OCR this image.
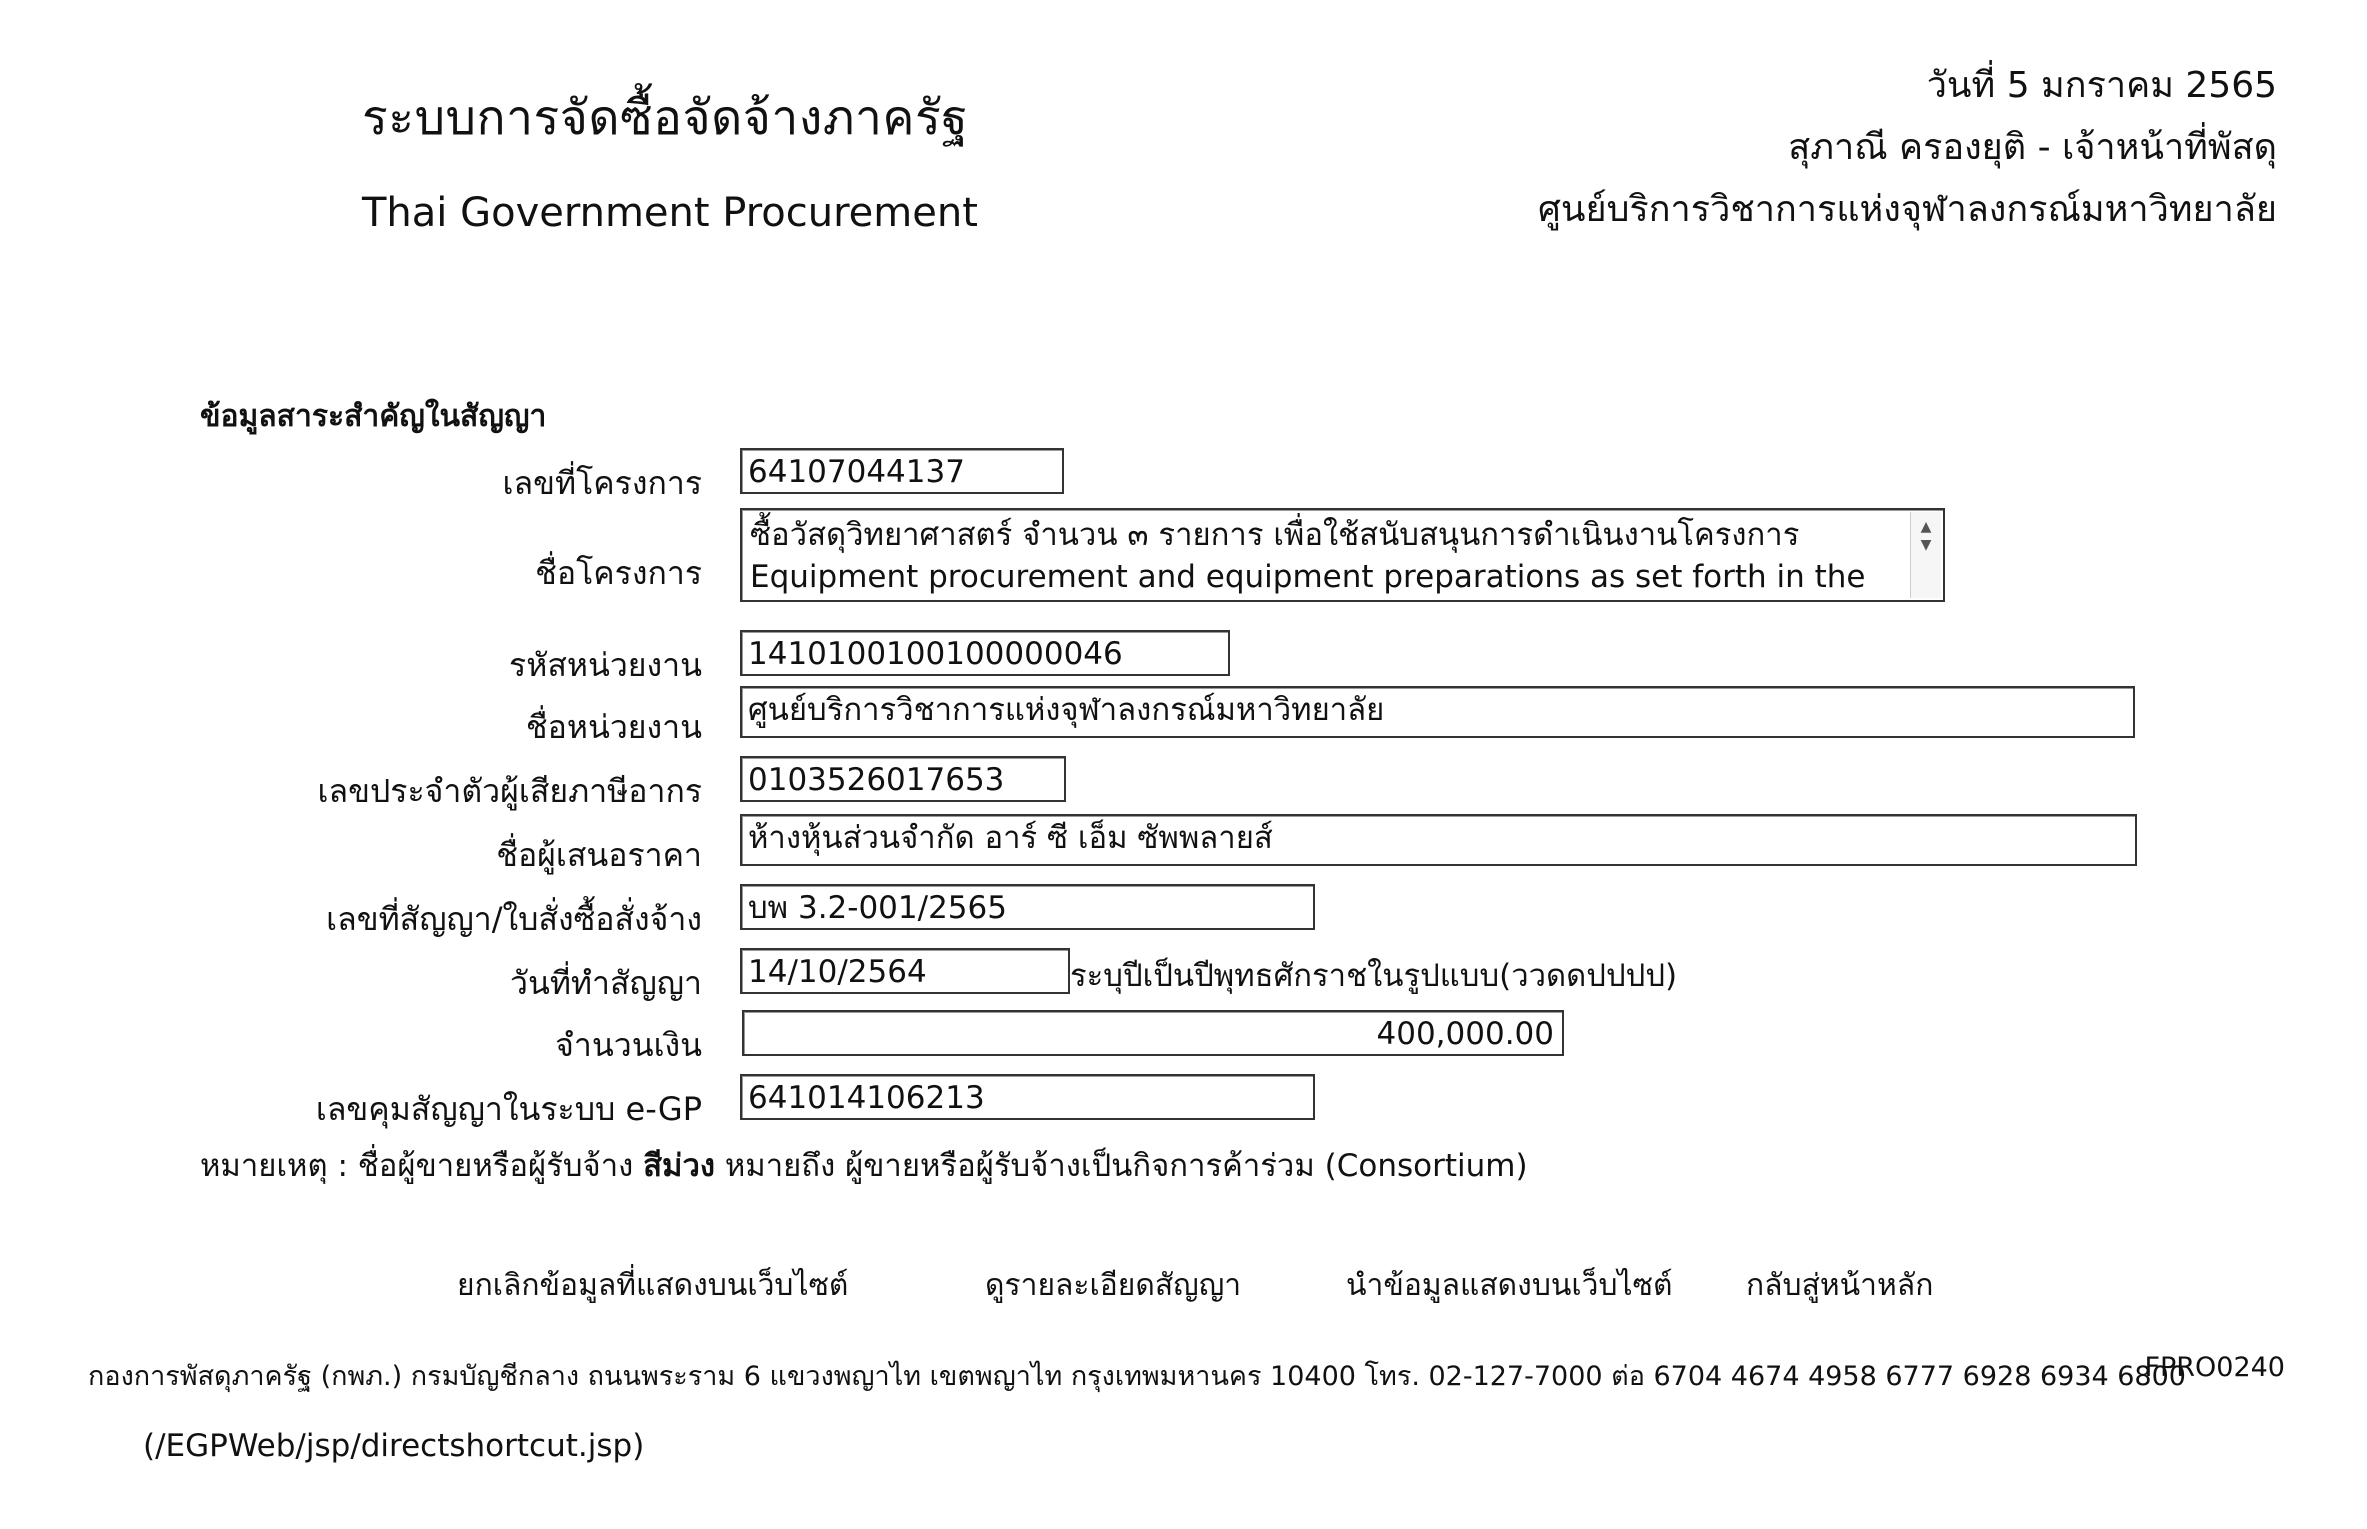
ระบบการจัดซื้อจัดจ้างภาครัฐ
Thai Government Procurement
วันที่ 5 มกราคม 2565
สุภาณี ครองยุติ - เจ้าหน้าที่พัสดุ
ศูนย์บริการวิชาการแห่งจุฬาลงกรณ์มหาวิทยาลัย
ข้อมูลสาระสำคัญในสัญญา
เลขที่โครงการ 64107044137
ชื่อโครงการ
ซื้อวัสดุวิทยาศาสตร์ จำนวน ๓ รายการ เพื่อใช้สนับสนุนการดำเนินงานโครงการ
Equipment procurement and equipment preparations as set forth in the
▲
▼
รหัสหน่วยงาน 1410100100100000046
ชื่อหน่วยงาน ศูนย์บริการวิชาการแห่งจุฬาลงกรณ์มหาวิทยาลัย
เลขประจำตัวผู้เสียภาษีอากร 0103526017653
ชื่อผู้เสนอราคา ห้างหุ้นส่วนจำกัด อาร์ ซี เอ็ม ซัพพลายส์
เลขที่สัญญา/ใบสั่งซื้อสั่งจ้าง บพ 3.2-001/2565
วันที่ทำสัญญา 14/10/2564	ระบุปีเป็นปีพุทธศักราชในรูปแบบ(ววดดปปปป)
จำนวนเงิน	400,000.00
เลขคุมสัญญาในระบบ e-GP 641014106213
หมายเหตุ : ชื่อผู้ขายหรือผู้รับจ้าง สีม่วง หมายถึง ผู้ขายหรือผู้รับจ้างเป็นกิจการค้าร่วม (Consortium)
ยกเลิกข้อมูลที่แสดงบนเว็บไซต์	ดูรายละเอียดสัญญา	นำข้อมูลแสดงบนเว็บไซต์ กลับสู่หน้าหลัก
กองการพัสดุภาครัฐ (กพภ.) กรมบัญชีกลาง ถนนพระราม 6 แขวงพญาไท เขตพญาไท กรุงเทพมหานคร 10400 โทร. 02-127-7000 ต่อ 6704 4674 4958 6777 6928 6934 6800
FPRO0240
(/EGPWeb/jsp/directshortcut.jsp)
